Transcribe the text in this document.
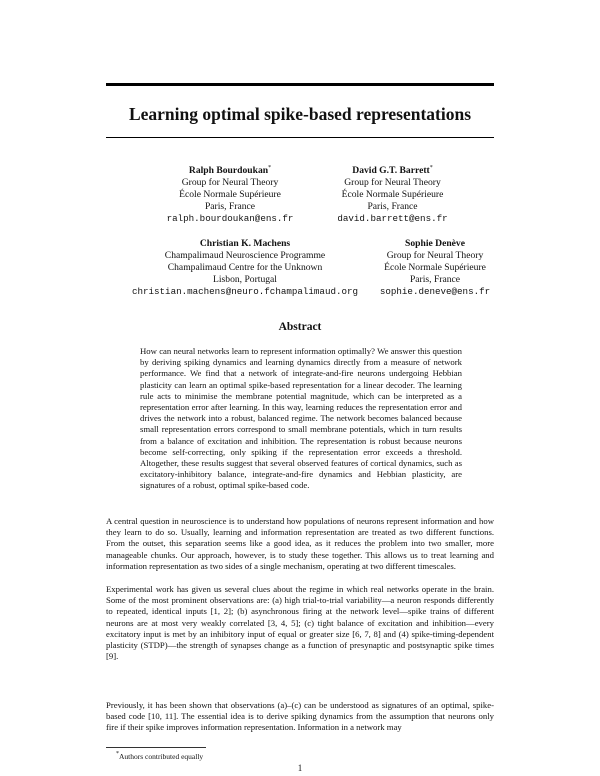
Learning optimal spike-based representations
Ralph Bourdoukan*
Group for Neural Theory
École Normale Supérieure
Paris, France
ralph.bourdoukan@ens.fr
David G.T. Barrett*
Group for Neural Theory
École Normale Supérieure
Paris, France
david.barrett@ens.fr
Christian K. Machens
Champalimaud Neuroscience Programme
Champalimaud Centre for the Unknown
Lisbon, Portugal
christian.machens@neuro.fchampalimaud.org
Sophie Denève
Group for Neural Theory
École Normale Supérieure
Paris, France
sophie.deneve@ens.fr
Abstract

How can neural networks learn to represent information optimally? We answer this question by deriving spiking dynamics and learning dynamics directly from a measure of network performance. We find that a network of integrate-and-fire neurons undergoing Hebbian plasticity can learn an optimal spike-based representation for a linear decoder. The learning rule acts to minimise the membrane potential magnitude, which can be interpreted as a representation error after learning. In this way, learning reduces the representation error and drives the network into a robust, balanced regime. The network becomes balanced because small representation errors correspond to small membrane potentials, which in turn results from a balance of excitation and inhibition. The representation is robust because neurons become self-correcting, only spiking if the representation error exceeds a threshold. Altogether, these results suggest that several observed features of cortical dynamics, such as excitatory-inhibitory balance, integrate-and-fire dynamics and Hebbian plasticity, are signatures of a robust, optimal spike-based code.

A central question in neuroscience is to understand how populations of neurons represent information and how they learn to do so. Usually, learning and information representation are treated as two different functions. From the outset, this separation seems like a good idea, as it reduces the problem into two smaller, more manageable chunks. Our approach, however, is to study these together. This allows us to treat learning and information representation as two sides of a single mechanism, operating at two different timescales.

Experimental work has given us several clues about the regime in which real networks operate in the brain. Some of the most prominent observations are: (a) high trial-to-trial variability—a neuron responds differently to repeated, identical inputs [1, 2]; (b) asynchronous firing at the network level—spike trains of different neurons are at most very weakly correlated [3, 4, 5]; (c) tight balance of excitation and inhibition—every excitatory input is met by an inhibitory input of equal or greater size [6, 7, 8] and (4) spike-timing-dependent plasticity (STDP)—the strength of synapses change as a function of presynaptic and postsynaptic spike times [9].

Previously, it has been shown that observations (a)–(c) can be understood as signatures of an optimal, spike-based code [10, 11]. The essential idea is to derive spiking dynamics from the assumption that neurons only fire if their spike improves information representation. Information in a network may

*Authors contributed equally
1
